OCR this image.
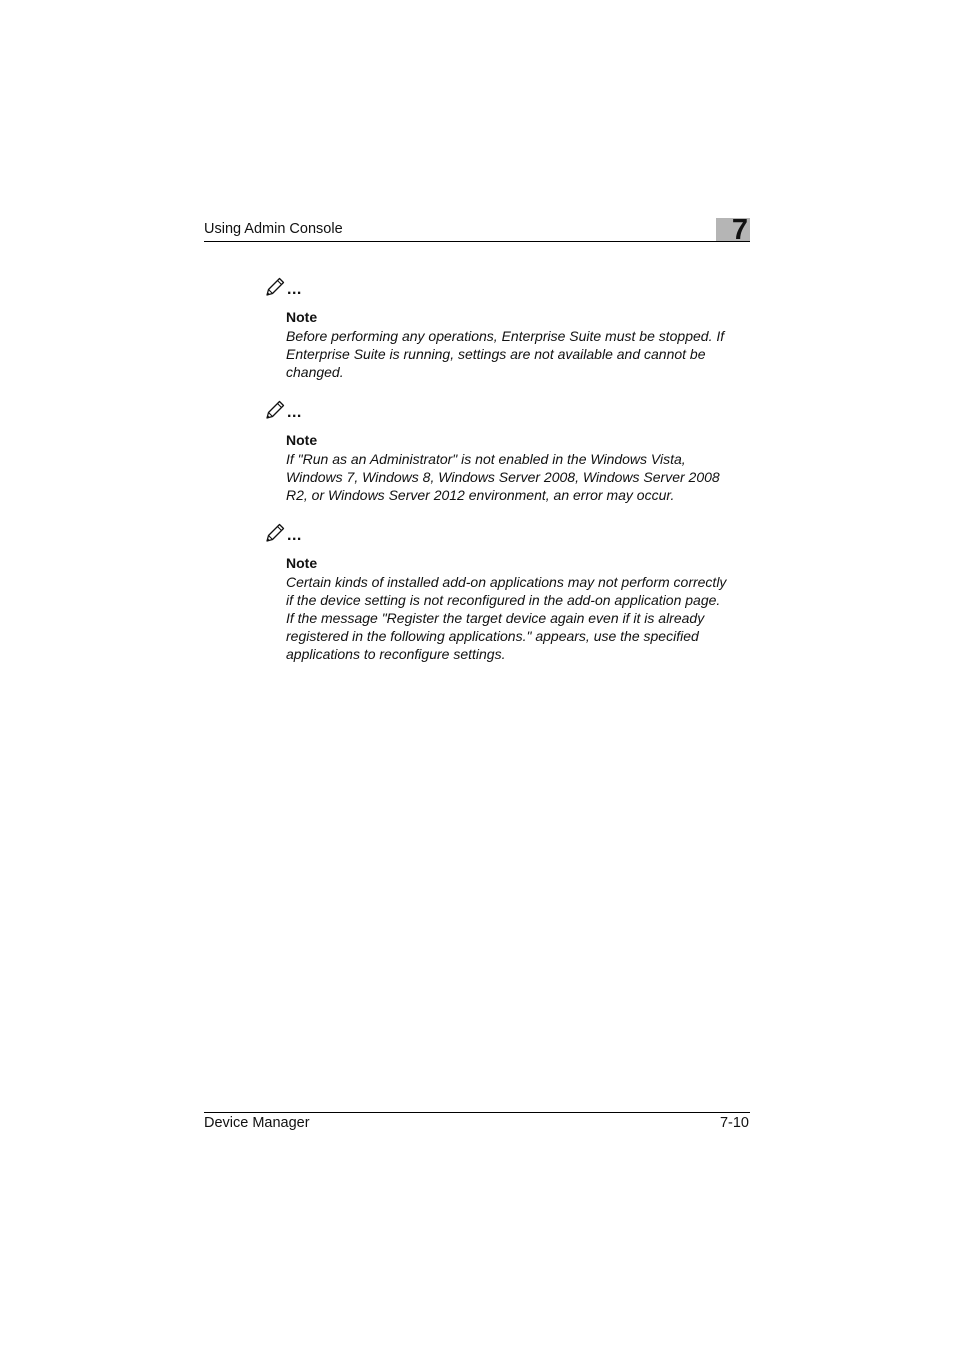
Using Admin Console	7
...
Note
Before performing any operations, Enterprise Suite must be stopped. If
Enterprise Suite is running, settings are not available and cannot be
changed.
...
Note
If "Run as an Administrator" is not enabled in the Windows Vista,
Windows 7, Windows 8, Windows Server 2008, Windows Server 2008
R2, or Windows Server 2012 environment, an error may occur.
...
Note
Certain kinds of installed add-on applications may not perform correctly
if the device setting is not reconfigured in the add-on application page.
If the message "Register the target device again even if it is already
registered in the following applications." appears, use the specified
applications to reconfigure settings.
Device Manager	7-10
